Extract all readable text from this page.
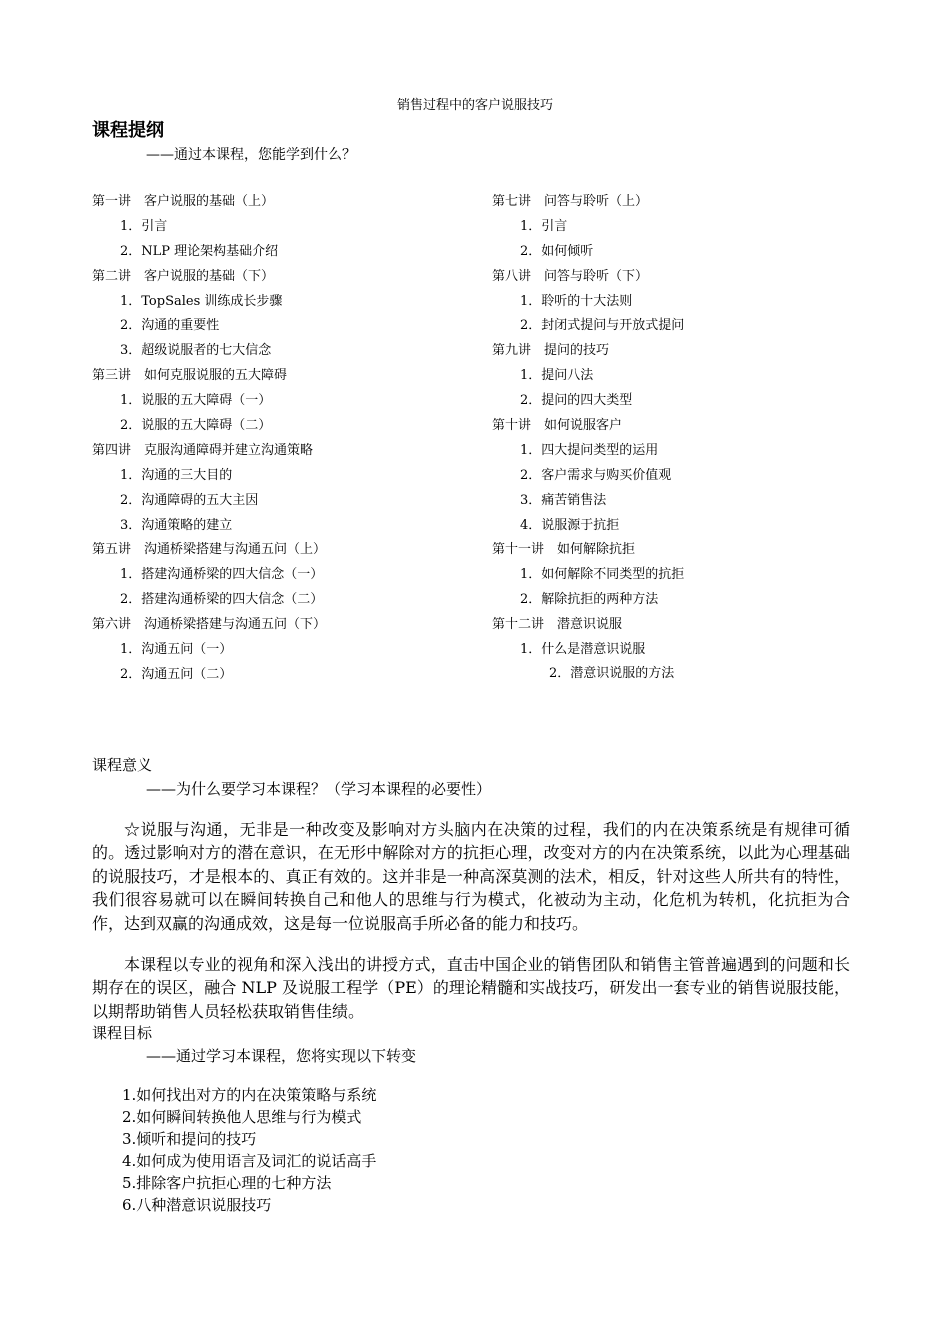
销售过程中的客户说服技巧
课程提纲
——通过本课程，您能学到什么？
第一讲　客户说服的基础（上）
1．引言
2．NLP 理论架构基础介绍
第二讲　客户说服的基础（下）
1．TopSales 训练成长步骤
2．沟通的重要性
3．超级说服者的七大信念
第三讲　如何克服说服的五大障碍
1．说服的五大障碍（一）
2．说服的五大障碍（二）
第四讲　克服沟通障碍并建立沟通策略
1．沟通的三大目的
2．沟通障碍的五大主因
3．沟通策略的建立
第五讲　沟通桥梁搭建与沟通五问（上）
1．搭建沟通桥梁的四大信念（一）
2．搭建沟通桥梁的四大信念（二）
第六讲　沟通桥梁搭建与沟通五问（下）
1．沟通五问（一）
2．沟通五问（二）
第七讲　问答与聆听（上）
1．引言
2．如何倾听
第八讲　问答与聆听（下）
1．聆听的十大法则
2．封闭式提问与开放式提问
第九讲　提问的技巧
1．提问八法
2．提问的四大类型
第十讲　如何说服客户
1．四大提问类型的运用
2．客户需求与购买价值观
3．痛苦销售法
4．说服源于抗拒
第十一讲　如何解除抗拒
1．如何解除不同类型的抗拒
2．解除抗拒的两种方法
第十二讲　潜意识说服
1．什么是潜意识说服
2．潜意识说服的方法
课程意义
——为什么要学习本课程？（学习本课程的必要性）
☆说服与沟通，无非是一种改变及影响对方头脑内在决策的过程，我们的内在决策系统是有规律可循的。透过影响对方的潜在意识，在无形中解除对方的抗拒心理，改变对方的内在决策系统，以此为心理基础的说服技巧，才是根本的、真正有效的。这并非是一种高深莫测的法术，相反，针对这些人所共有的特性，我们很容易就可以在瞬间转换自己和他人的思维与行为模式，化被动为主动，化危机为转机，化抗拒为合作，达到双赢的沟通成效，这是每一位说服高手所必备的能力和技巧。
本课程以专业的视角和深入浅出的讲授方式，直击中国企业的销售团队和销售主管普遍遇到的问题和长期存在的误区，融合 NLP 及说服工程学（PE）的理论精髓和实战技巧，研发出一套专业的销售说服技能，以期帮助销售人员轻松获取销售佳绩。
课程目标
——通过学习本课程，您将实现以下转变
1.如何找出对方的内在决策策略与系统
2.如何瞬间转换他人思维与行为模式
3.倾听和提问的技巧
4.如何成为使用语言及词汇的说话高手
5.排除客户抗拒心理的七种方法
6.八种潜意识说服技巧
